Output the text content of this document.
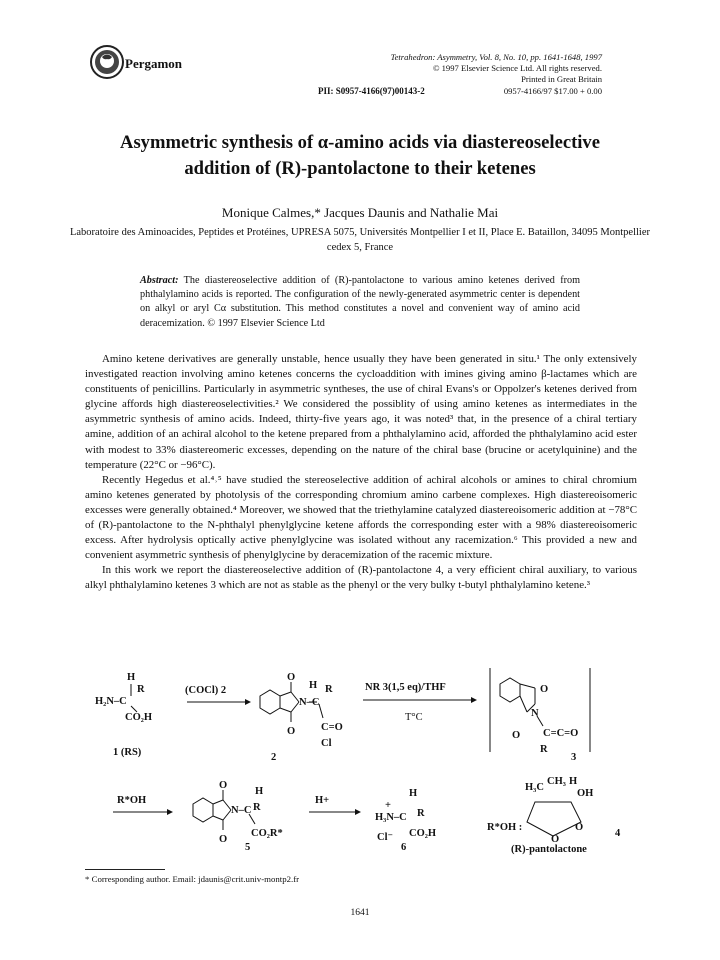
Pergamon	Tetrahedron: Asymmetry, Vol. 8, No. 10, pp. 1641-1648, 1997
© 1997 Elsevier Science Ltd. All rights reserved.
Printed in Great Britain
0957-4166/97 $17.00 + 0.00
PII: S0957-4166(97)00143-2
Asymmetric synthesis of α-amino acids via diastereoselective
addition of (R)-pantolactone to their ketenes
Monique Calmes,* Jacques Daunis and Nathalie Mai
Laboratoire des Aminoacides, Peptides et Protéines, UPRESA 5075, Universités Montpellier I et II, Place E. Bataillon, 34095 Montpellier cedex 5, France
Abstract: The diastereoselective addition of (R)-pantolactone to various amino ketenes derived from phthalylamino acids is reported. The configuration of the newly-generated asymmetric center is dependent on alkyl or aryl Cα substitution. This method constitutes a novel and convenient way of amino acid deracemization. © 1997 Elsevier Science Ltd

Amino ketene derivatives are generally unstable, hence usually they have been generated in situ.¹ The only extensively investigated reaction involving amino ketenes concerns the cycloaddition with imines giving amino β-lactames which are constituents of penicillins. Particularly in asymmetric syntheses, the use of chiral Evans's or Oppolzer's ketenes derived from glycine affords high diastereoselectivities.² We considered the possiblity of using amino ketenes as intermediates in the asymmetric synthesis of amino acids. Indeed, thirty-five years ago, it was noted³ that, in the presence of a chiral tertiary amine, addition of an achiral alcohol to the ketene prepared from a phthalylamino acid, afforded the phthalylamino acid ester with modest to 33% diastereomeric excesses, depending on the nature of the chiral base (brucine or acetylquinine) and the temperature (22°C or −96°C).

Recently Hegedus et al.⁴˒⁵ have studied the stereoselective addition of achiral alcohols or amines to chiral chromium amino ketenes generated by photolysis of the corresponding chromium amino carbene complexes. High diastereoisomeric excesses were generally obtained.⁴ Moreover, we showed that the triethylamine catalyzed diastereoisomeric addition at −78°C of (R)-pantolactone to the N-phthalyl phenylglycine ketene affords the corresponding ester with a 98% diastereoisomeric excess. After hydrolysis optically active phenylglycine was isolated without any racemization.⁶ This provided a new and convenient asymmetric synthesis of phenylglycine by deracemization of the racemic mixture.

In this work we report the diastereoselective addition of (R)-pantolactone 4, a very efficient chiral auxiliary, to various alkyl phthalylamino ketenes 3 which are not as stable as the phenyl or the very bulky t-butyl phthalylamino ketene.³

H
R
H₂N–C
CO₂H
(COCl) 2
O
O
N–C
H R
C=O
Cl
NR 3(1,5 eq)/THF
T°C
O
N
O C=C=O
R
1 (RS)	2	3
R*OH
O
O
N–C
H
R
CO₂R*
5
H+
H
+
H₃N–C R
Cl⁻ CO₂H
6
H₃C
CH₃ H
OH
R*OH :	O
O
4
(R)-pantolactone
* Corresponding author. Email: jdaunis@crit.univ-montp2.fr
1641
